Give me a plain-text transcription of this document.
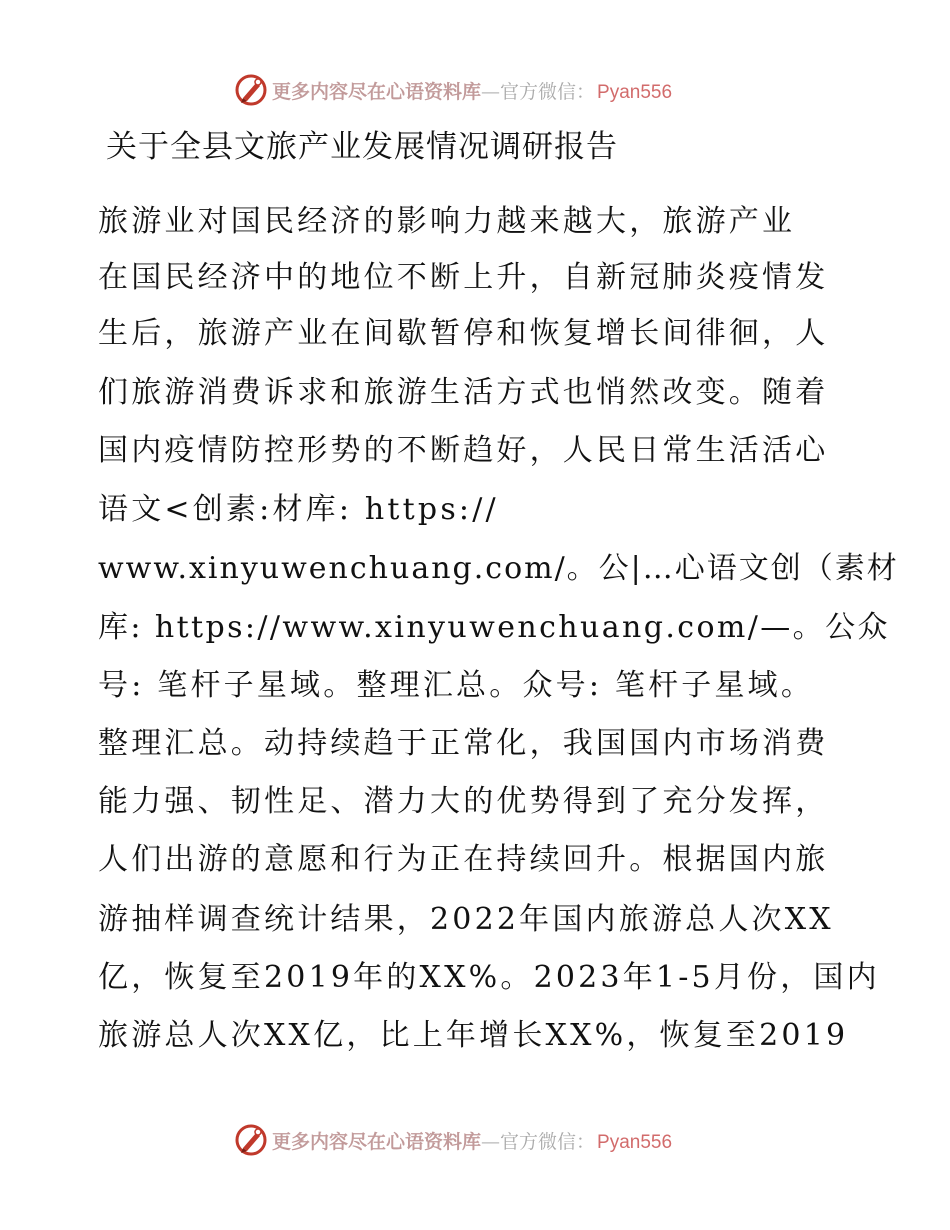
更多内容尽在心语资料库—官方微信： Pyan556
关于全县文旅产业发展情况调研报告
旅游业对国民经济的影响力越来越大，旅游产业
在国民经济中的地位不断上升，自新冠肺炎疫情发
生后，旅游产业在间歇暂停和恢复增长间徘徊，人
们旅游消费诉求和旅游生活方式也悄然改变。随着
国内疫情防控形势的不断趋好，人民日常生活活心
语文<创素:材库: https://
www.xinyuwenchuang.com/。公|…心语文创（素材
库: https://www.xinyuwenchuang.com/—。公众
号: 笔杆子星域。整理汇总。众号: 笔杆子星域。
整理汇总。动持续趋于正常化，我国国内市场消费
能力强、韧性足、潜力大的优势得到了充分发挥，
人们出游的意愿和行为正在持续回升。根据国内旅
游抽样调查统计结果，2022年国内旅游总人次XX
亿，恢复至2019年的XX%。2023年1-5月份，国内
旅游总人次XX亿，比上年增长XX%，恢复至2019
更多内容尽在心语资料库—官方微信： Pyan556
